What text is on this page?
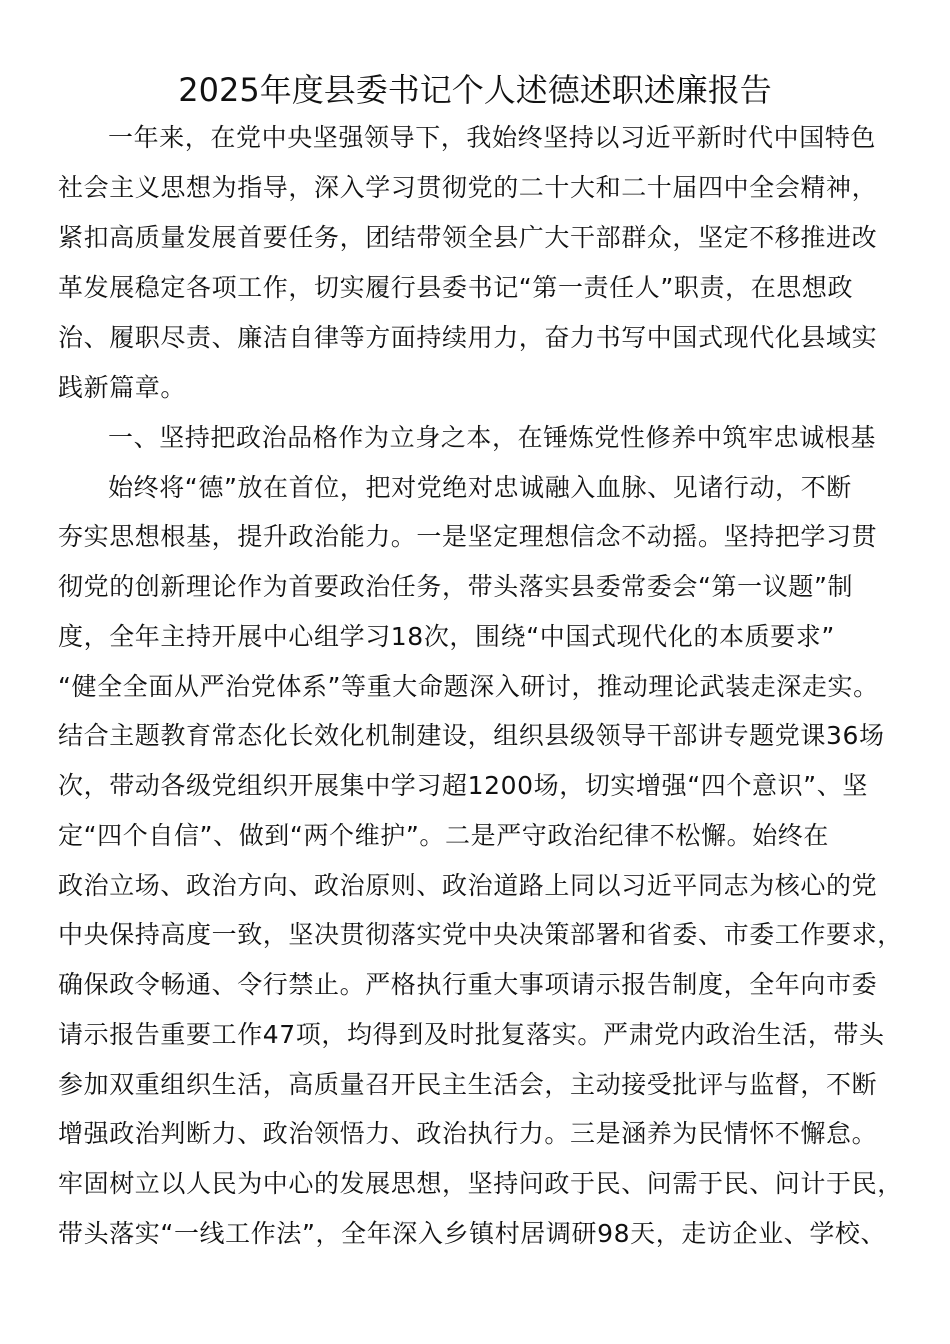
2025年度县委书记个人述德述职述廉报告
一年来，在党中央坚强领导下，我始终坚持以习近平新时代中国特色
社会主义思想为指导，深入学习贯彻党的二十大和二十届四中全会精神，
紧扣高质量发展首要任务，团结带领全县广大干部群众，坚定不移推进改
革发展稳定各项工作，切实履行县委书记“第一责任人”职责，在思想政
治、履职尽责、廉洁自律等方面持续用力，奋力书写中国式现代化县域实
践新篇章。
一、坚持把政治品格作为立身之本，在锤炼党性修养中筑牢忠诚根基
始终将“德”放在首位，把对党绝对忠诚融入血脉、见诸行动，不断
夯实思想根基，提升政治能力。一是坚定理想信念不动摇。坚持把学习贯
彻党的创新理论作为首要政治任务，带头落实县委常委会“第一议题”制
度，全年主持开展中心组学习18次，围绕“中国式现代化的本质要求”
“健全全面从严治党体系”等重大命题深入研讨，推动理论武装走深走实。
结合主题教育常态化长效化机制建设，组织县级领导干部讲专题党课36场
次，带动各级党组织开展集中学习超1200场，切实增强“四个意识”、坚
定“四个自信”、做到“两个维护”。二是严守政治纪律不松懈。始终在
政治立场、政治方向、政治原则、政治道路上同以习近平同志为核心的党
中央保持高度一致，坚决贯彻落实党中央决策部署和省委、市委工作要求，
确保政令畅通、令行禁止。严格执行重大事项请示报告制度，全年向市委
请示报告重要工作47项，均得到及时批复落实。严肃党内政治生活，带头
参加双重组织生活，高质量召开民主生活会，主动接受批评与监督，不断
增强政治判断力、政治领悟力、政治执行力。三是涵养为民情怀不懈怠。
牢固树立以人民为中心的发展思想，坚持问政于民、问需于民、问计于民，
带头落实“一线工作法”，全年深入乡镇村居调研98天，走访企业、学校、
